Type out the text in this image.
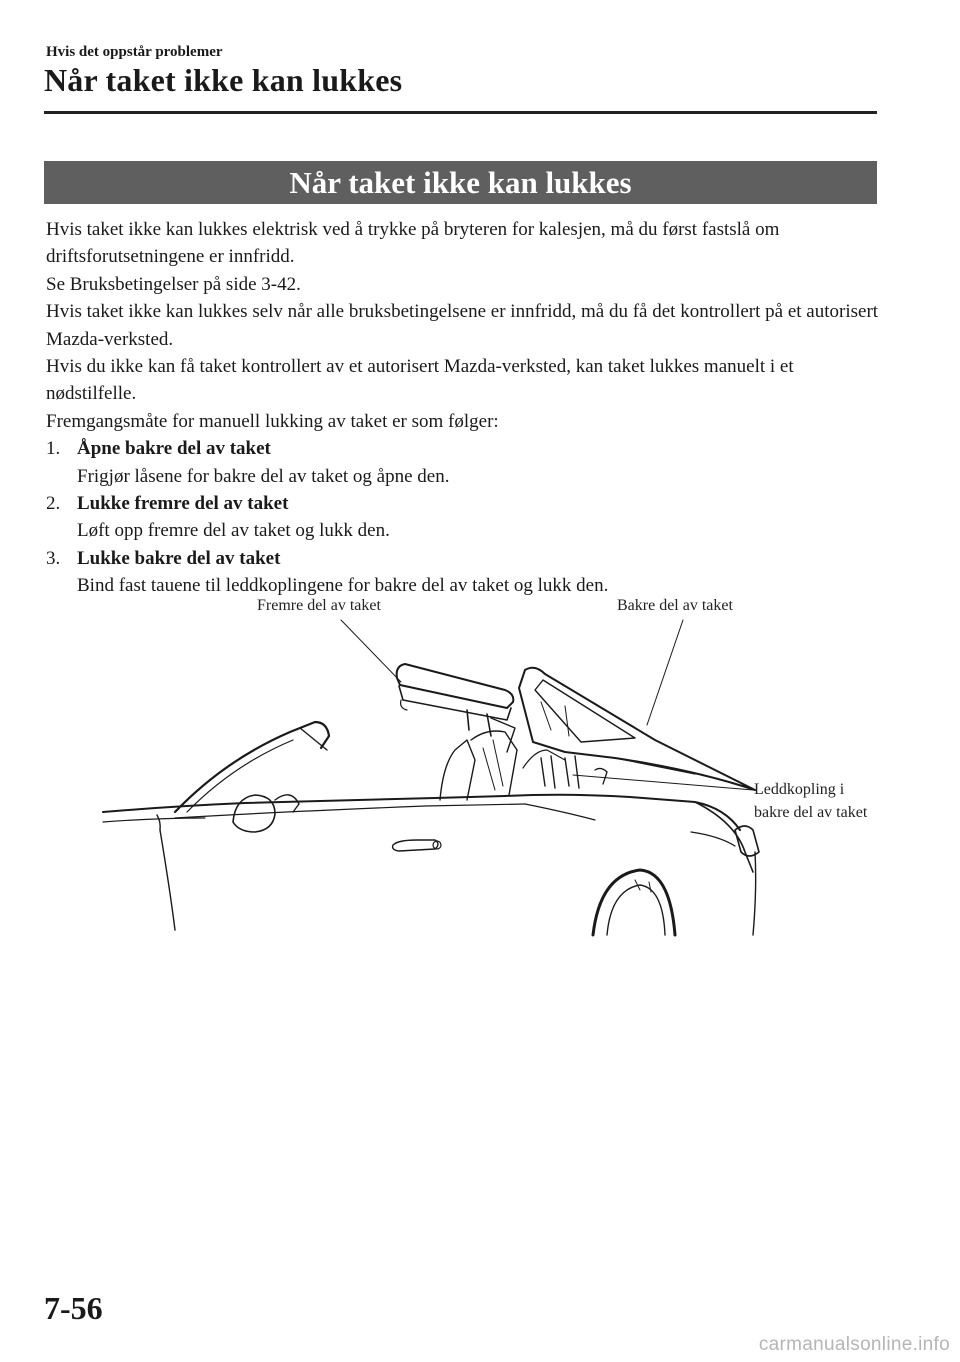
Hvis det oppstår problemer
Når taket ikke kan lukkes
Når taket ikke kan lukkes

Hvis taket ikke kan lukkes elektrisk ved å trykke på bryteren for kalesjen, må du først fastslå om driftsforutsetningene er innfridd.

Se Bruksbetingelser på side 3-42.

Hvis taket ikke kan lukkes selv når alle bruksbetingelsene er innfridd, må du få det kontrollert på et autorisert Mazda-verksted.

Hvis du ikke kan få taket kontrollert av et autorisert Mazda-verksted, kan taket lukkes manuelt i et nødstilfelle.

Fremgangsmåte for manuell lukking av taket er som følger:

1. Åpne bakre del av taket
Frigjør låsene for bakre del av taket og åpne den.
2. Lukke fremre del av taket
Løft opp fremre del av taket og lukk den.
3. Lukke bakre del av taket
Bind fast tauene til leddkoplingene for bakre del av taket og lukk den.
Fremre del av taket	Bakre del av taket
Leddkopling i bakre del av taket
7-56
carmanualsonline.info
